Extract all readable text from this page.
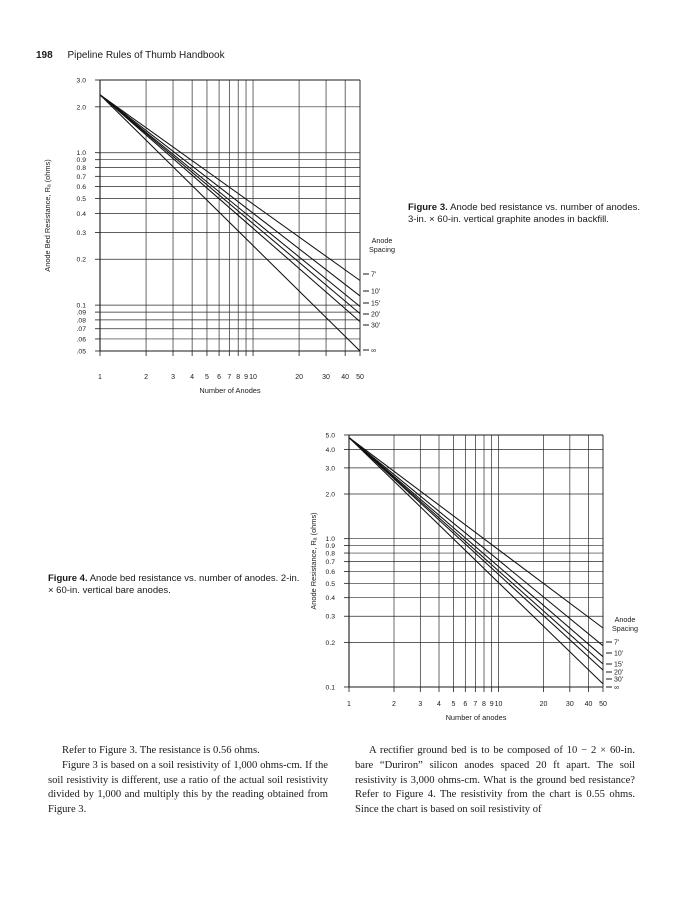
198 Pipeline Rules of Thumb Handbook
1	2	3 4 5 6 7 8 9 10	20	30 40 50
3.0
2.0
1.0
0.9
0.8
0.7
0.6
0.5
0.4
0.3
0.2
0.1
.09
.08
.07
.06
.05
7'
10'
15'
20'
30'
∞
Anode
Spacing
Number of Anodes
Anode Bed Resistance, Rₐ (ohms)
1	2	3 4 5 6 7 8 9 10	20	30 40 50
5.0
4.0
3.0
2.0
1.0
0.9
0.8
0.7
0.6
0.5
0.4
0.3
0.2
0.1
7'
10'
15'
20'
30'
∞
Anode
Spacing
Number of anodes
Anode Resistance, Rₐ (ohms)
Figure 3. Anode bed resistance vs. number of anodes. 3-in. × 60-in. vertical graphite anodes in backfill.
Figure 4. Anode bed resistance vs. number of anodes. 2-in. × 60-in. vertical bare anodes.

Refer to Figure 3. The resistance is 0.56 ohms.

Figure 3 is based on a soil resistivity of 1,000 ohms-cm. If the soil resistivity is different, use a ratio of the actual soil resistivity divided by 1,000 and multiply this by the reading obtained from Figure 3.

A rectifier ground bed is to be composed of 10 − 2 × 60-in. bare “Duriron” silicon anodes spaced 20 ft apart. The soil resistivity is 3,000 ohms-cm. What is the ground bed resistance? Refer to Figure 4. The resistivity from the chart is 0.55 ohms. Since the chart is based on soil resistivity of
